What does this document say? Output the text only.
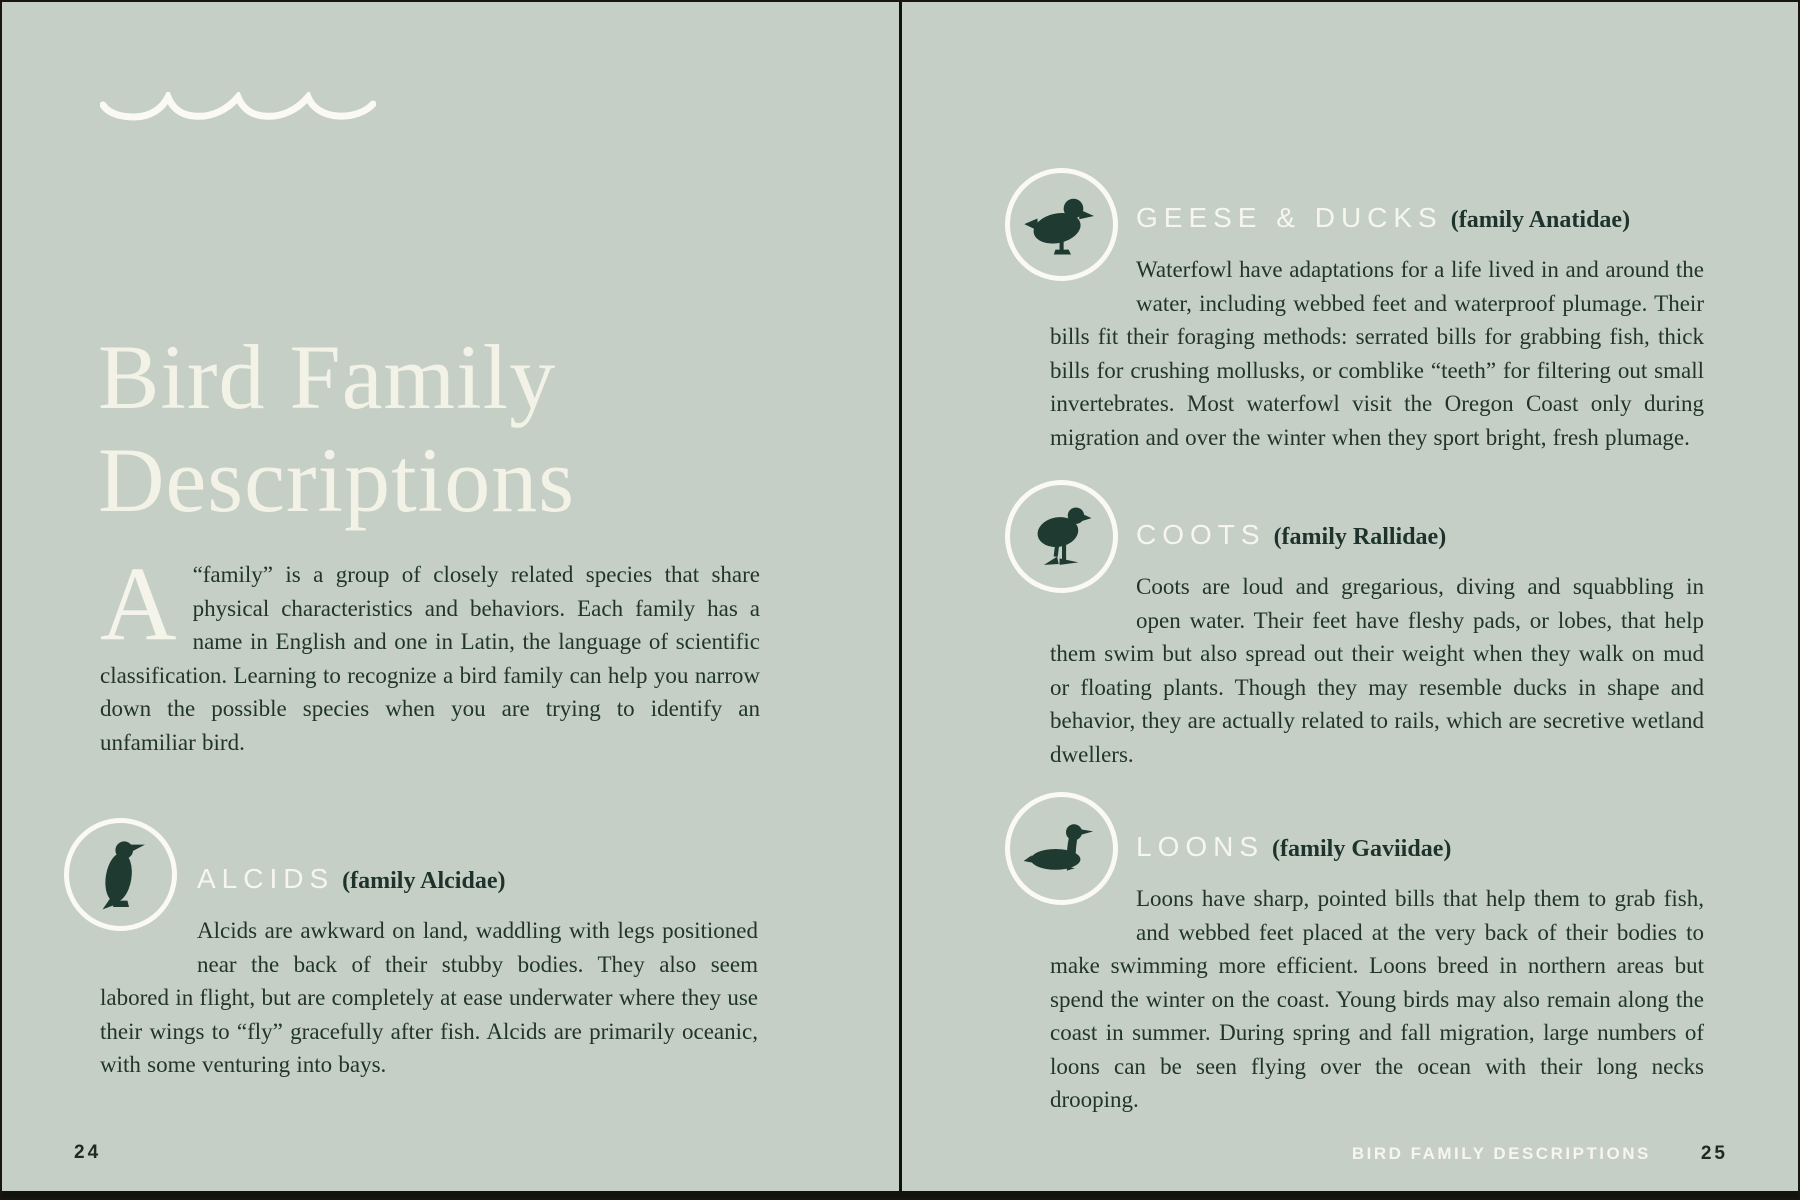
Bird Family
Descriptions
A “family” is a group of closely related species that share physical characteristics and behaviors. Each family has a name in English and one in Latin, the language of scientific classification. Learning to recognize a bird family can help you narrow down the possible species when you are trying to identify an unfamiliar bird.
ALCIDS (family Alcidae)

Alcids are awkward on land, waddling with legs positioned near the back of their stubby bodies. They also seem labored in flight, but are completely at ease underwater where they use their wings to “fly” gracefully after fish. Alcids are primarily oceanic, with some venturing into bays.

24
GEESE & DUCKS (family Anatidae)

Waterfowl have adaptations for a life lived in and around the water, including webbed feet and waterproof plumage. Their bills fit their foraging methods: serrated bills for grabbing fish, thick bills for crushing mollusks, or comblike “teeth” for filtering out small invertebrates. Most waterfowl visit the Oregon Coast only during migration and over the winter when they sport bright, fresh plumage.

COOTS (family Rallidae)

Coots are loud and gregarious, diving and squabbling in open water. Their feet have fleshy pads, or lobes, that help them swim but also spread out their weight when they walk on mud or floating plants. Though they may resemble ducks in shape and behavior, they are actually related to rails, which are secretive wetland dwellers.

LOONS (family Gaviidae)

Loons have sharp, pointed bills that help them to grab fish, and webbed feet placed at the very back of their bodies to make swimming more efficient. Loons breed in northern areas but spend the winter on the coast. Young birds may also remain along the coast in summer. During spring and fall migration, large numbers of loons can be seen flying over the ocean with their long necks drooping.

BIRD FAMILY DESCRIPTIONS	25
